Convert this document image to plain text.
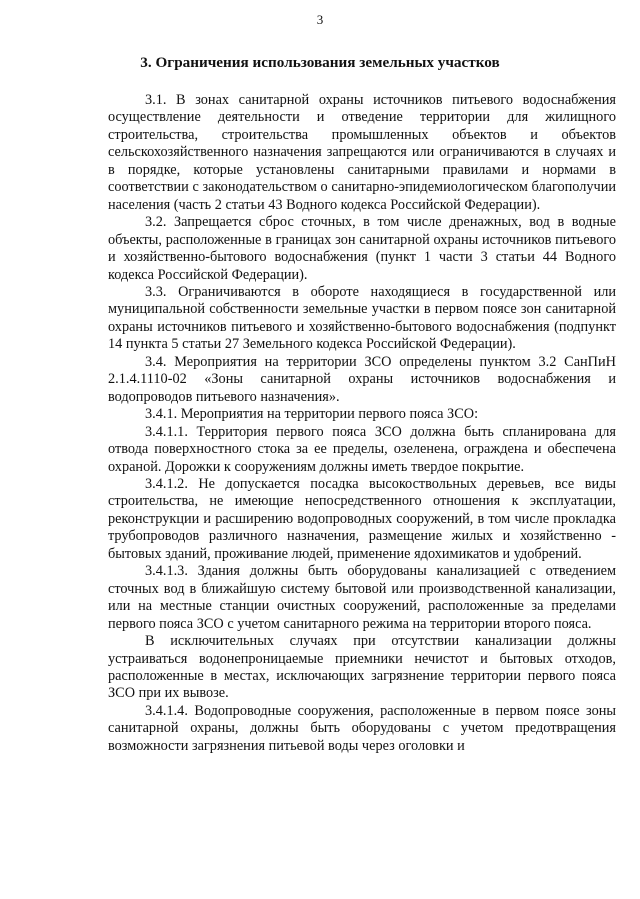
3
3. Ограничения использования земельных участков

3.1. В зонах санитарной охраны источников питьевого водоснабжения осуществление деятельности и отведение территории для жилищного строительства, строительства промышленных объектов и объектов сельскохозяйственного назначения запрещаются или ограничиваются в случаях и в порядке, которые установлены санитарными правилами и нормами в соответствии с законодательством о санитарно-эпидемиологическом благополучии населения (часть 2 статьи 43 Водного кодекса Российской Федерации).

3.2. Запрещается сброс сточных, в том числе дренажных, вод в водные объекты, расположенные в границах зон санитарной охраны источников питьевого и хозяйственно-бытового водоснабжения (пункт 1 части 3 статьи 44 Водного кодекса Российской Федерации).

3.3. Ограничиваются в обороте находящиеся в государственной или муниципальной собственности земельные участки в первом поясе зон санитарной охраны источников питьевого и хозяйственно-бытового водоснабжения (подпункт 14 пункта 5 статьи 27 Земельного кодекса Российской Федерации).

3.4. Мероприятия на территории ЗСО определены пунктом 3.2 СанПиН 2.1.4.1110-02 «Зоны санитарной охраны источников водоснабжения и водопроводов питьевого назначения».

3.4.1. Мероприятия на территории первого пояса ЗСО:

3.4.1.1. Территория первого пояса ЗСО должна быть спланирована для отвода поверхностного стока за ее пределы, озеленена, ограждена и обеспечена охраной. Дорожки к сооружениям должны иметь твердое покрытие.

3.4.1.2. Не допускается посадка высокоствольных деревьев, все виды строительства, не имеющие непосредственного отношения к эксплуатации, реконструкции и расширению водопроводных сооружений, в том числе прокладка трубопроводов различного назначения, размещение жилых и хозяйственно - бытовых зданий, проживание людей, применение ядохимикатов и удобрений.

3.4.1.3. Здания должны быть оборудованы канализацией с отведением сточных вод в ближайшую систему бытовой или производственной канализации, или на местные станции очистных сооружений, расположенные за пределами первого пояса ЗСО с учетом санитарного режима на территории второго пояса.

В исключительных случаях при отсутствии канализации должны устраиваться водонепроницаемые приемники нечистот и бытовых отходов, расположенные в местах, исключающих загрязнение территории первого пояса ЗСО при их вывозе.

3.4.1.4. Водопроводные сооружения, расположенные в первом поясе зоны санитарной охраны, должны быть оборудованы с учетом предотвращения возможности загрязнения питьевой воды через оголовки и
